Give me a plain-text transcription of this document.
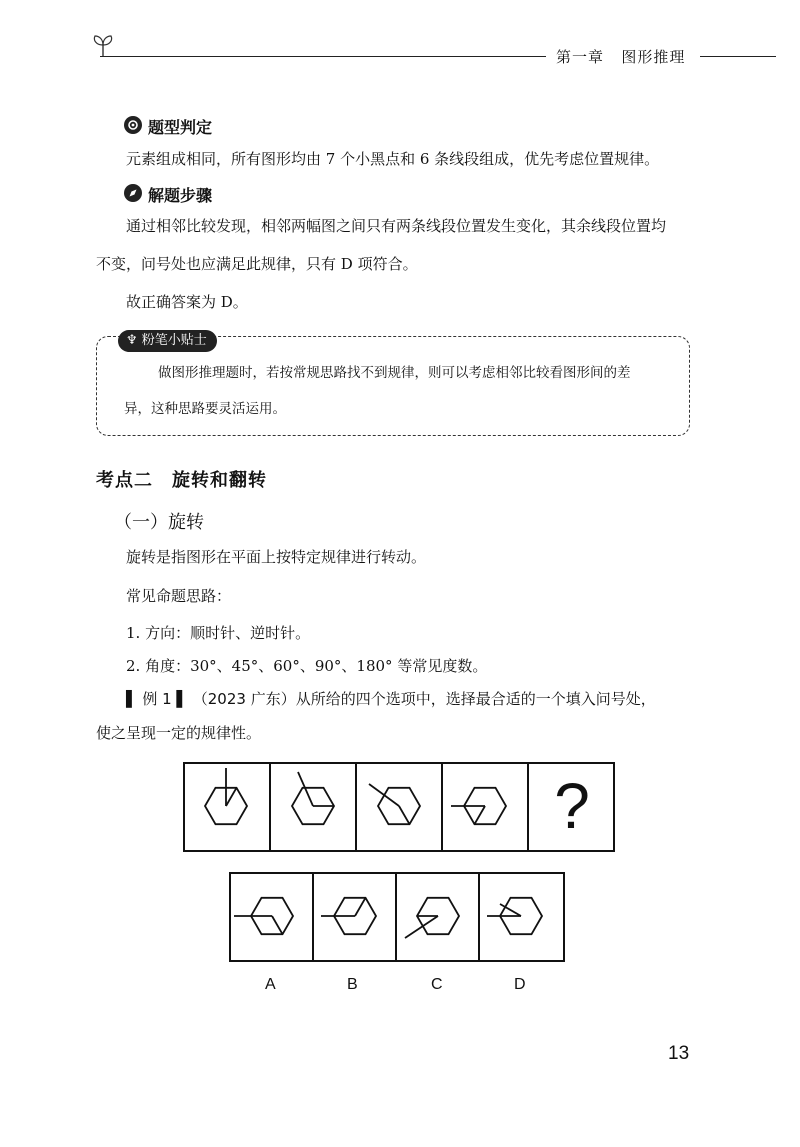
第一章 图形推理
题型判定
元素组成相同，所有图形均由 7 个小黑点和 6 条线段组成，优先考虑位置规律。
解题步骤
通过相邻比较发现，相邻两幅图之间只有两条线段位置发生变化，其余线段位置均
不变，问号处也应满足此规律，只有 D 项符合。
故正确答案为 D。
♆ 粉笔小贴士
做图形推理题时，若按常规思路找不到规律，则可以考虑相邻比较看图形间的差
异，这种思路要灵活运用。
考点二　旋转和翻转
（一）旋转
旋转是指图形在平面上按特定规律进行转动。
常见命题思路：
1. 方向：顺时针、逆时针。
2. 角度：30°、45°、60°、90°、180° 等常见度数。
▌ 例 1 ▌ （2023 广东）从所给的四个选项中，选择最合适的一个填入问号处，
使之呈现一定的规律性。
?
A	B	C	D
13
